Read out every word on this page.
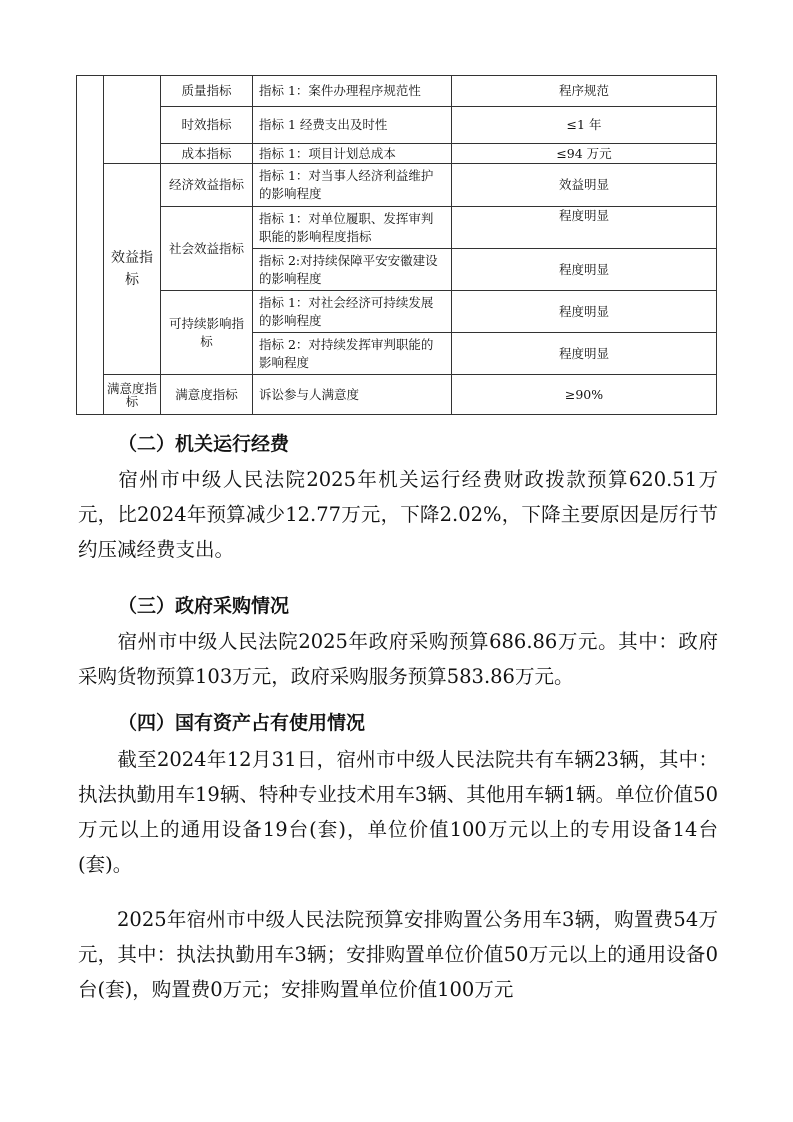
		质量指标	指标 1：案件办理程序规范性	程序规范
		时效指标	指标 1 经费支出及时性	≤1 年
		成本指标	指标 1：项目计划总成本	≤94 万元
	效益指标	经济效益指标	指标 1：对当事人经济利益维护的影响程度	效益明显
		社会效益指标	指标 1：对单位履职、发挥审判职能的影响程度指标	程度明显
			指标 2:对持续保障平安安徽建设的影响程度	程度明显
		可持续影响指标	指标 1：对社会经济可持续发展的影响程度	程度明显
			指标 2：对持续发挥审判职能的影响程度	程度明显
	满意度指标	满意度指标	诉讼参与人满意度	≥90%

（二）机关运行经费

宿州市中级人民法院2025年机关运行经费财政拨款预算620.51万元，比2024年预算减少12.77万元，下降2.02%，下降主要原因是厉行节约压减经费支出。

（三）政府采购情况

宿州市中级人民法院2025年政府采购预算686.86万元。其中：政府采购货物预算103万元，政府采购服务预算583.86万元。

（四）国有资产占有使用情况

截至2024年12月31日，宿州市中级人民法院共有车辆23辆，其中：执法执勤用车19辆、特种专业技术用车3辆、其他用车辆1辆。单位价值50万元以上的通用设备19台(套)，单位价值100万元以上的专用设备14台(套)。

2025年宿州市中级人民法院预算安排购置公务用车3辆，购置费54万元，其中：执法执勤用车3辆；安排购置单位价值50万元以上的通用设备0台(套)，购置费0万元；安排购置单位价值100万元
